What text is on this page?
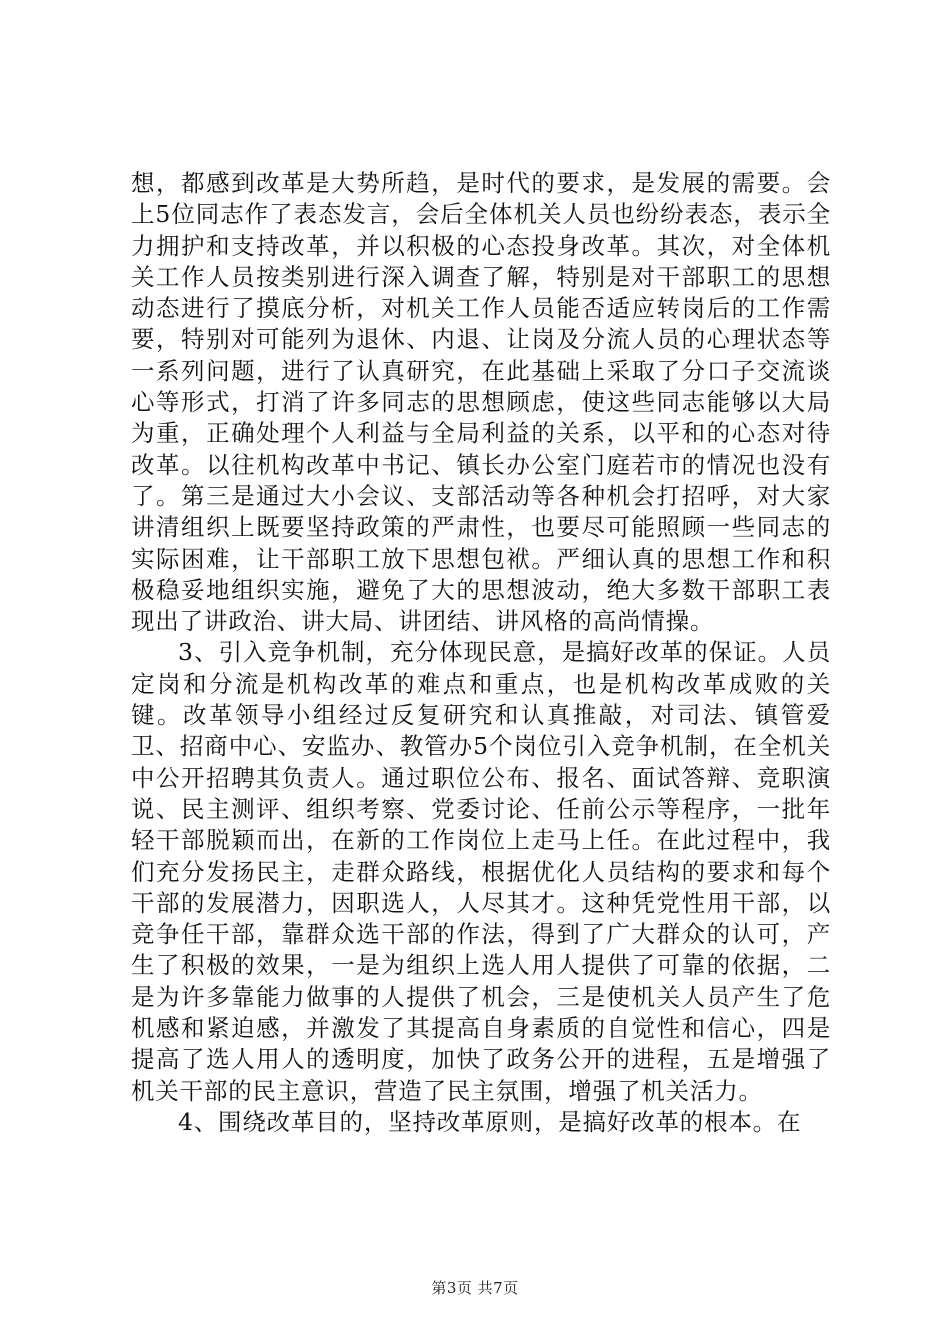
想，都感到改革是大势所趋，是时代的要求，是发展的需要。会上5位同志作了表态发言，会后全体机关人员也纷纷表态，表示全力拥护和支持改革，并以积极的心态投身改革。其次，对全体机关工作人员按类别进行深入调查了解，特别是对干部职工的思想动态进行了摸底分析，对机关工作人员能否适应转岗后的工作需要，特别对可能列为退休、内退、让岗及分流人员的心理状态等一系列问题，进行了认真研究，在此基础上采取了分口子交流谈心等形式，打消了许多同志的思想顾虑，使这些同志能够以大局为重，正确处理个人利益与全局利益的关系，以平和的心态对待改革。以往机构改革中书记、镇长办公室门庭若市的情况也没有了。第三是通过大小会议、支部活动等各种机会打招呼，对大家讲清组织上既要坚持政策的严肃性，也要尽可能照顾一些同志的实际困难，让干部职工放下思想包袱。严细认真的思想工作和积极稳妥地组织实施，避免了大的思想波动，绝大多数干部职工表现出了讲政治、讲大局、讲团结、讲风格的高尚情操。

3、引入竞争机制，充分体现民意，是搞好改革的保证。人员定岗和分流是机构改革的难点和重点，也是机构改革成败的关键。改革领导小组经过反复研究和认真推敲，对司法、镇管爱卫、招商中心、安监办、教管办5个岗位引入竞争机制，在全机关中公开招聘其负责人。通过职位公布、报名、面试答辩、竞职演说、民主测评、组织考察、党委讨论、任前公示等程序，一批年轻干部脱颖而出，在新的工作岗位上走马上任。在此过程中，我们充分发扬民主，走群众路线，根据优化人员结构的要求和每个干部的发展潜力，因职选人，人尽其才。这种凭党性用干部，以竞争任干部，靠群众选干部的作法，得到了广大群众的认可，产生了积极的效果，一是为组织上选人用人提供了可靠的依据，二是为许多靠能力做事的人提供了机会，三是使机关人员产生了危机感和紧迫感，并激发了其提高自身素质的自觉性和信心，四是提高了选人用人的透明度，加快了政务公开的进程，五是增强了机关干部的民主意识，营造了民主氛围，增强了机关活力。

4、围绕改革目的，坚持改革原则，是搞好改革的根本。在

第3页 共7页
